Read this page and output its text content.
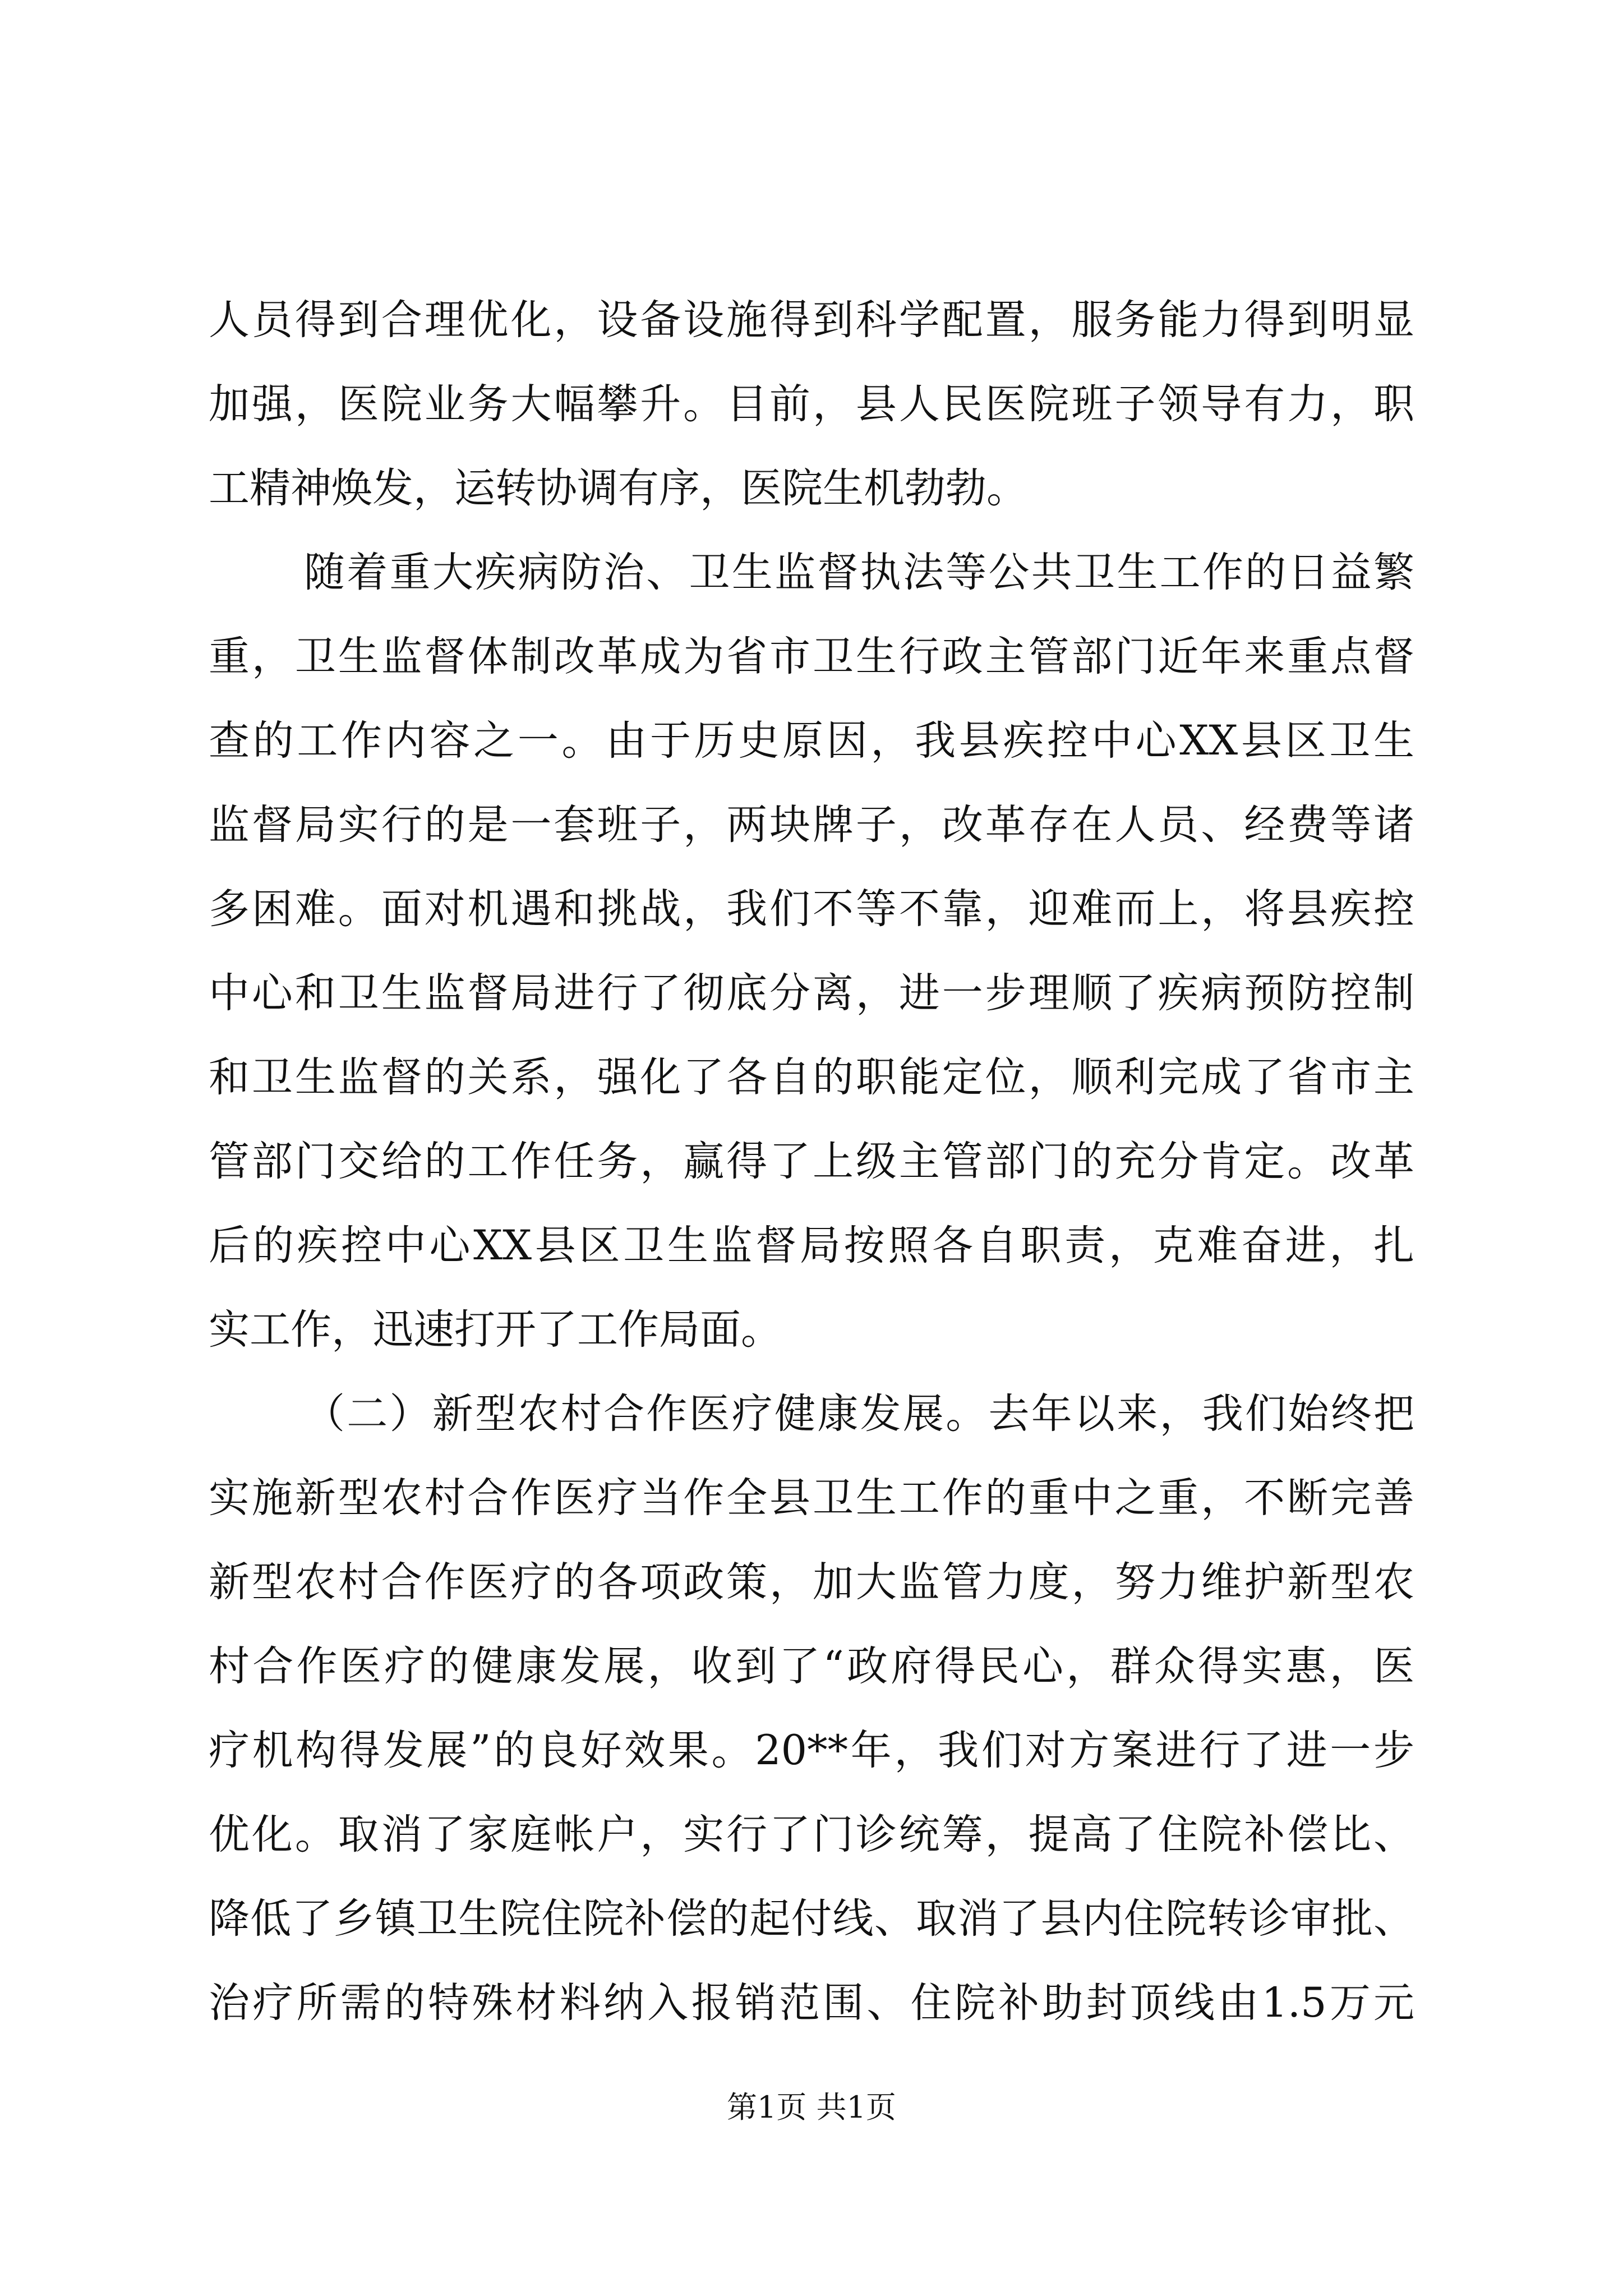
人员得到合理优化，设备设施得到科学配置，服务能力得到明显
加强，医院业务大幅攀升。目前，县人民医院班子领导有力，职
工精神焕发，运转协调有序，医院生机勃勃。
随着重大疾病防治、卫生监督执法等公共卫生工作的日益繁
重，卫生监督体制改革成为省市卫生行政主管部门近年来重点督
查的工作内容之一。由于历史原因，我县疾控中心XX县区卫生
监督局实行的是一套班子，两块牌子，改革存在人员、经费等诸
多困难。面对机遇和挑战，我们不等不靠，迎难而上，将县疾控
中心和卫生监督局进行了彻底分离，进一步理顺了疾病预防控制
和卫生监督的关系，强化了各自的职能定位，顺利完成了省市主
管部门交给的工作任务，赢得了上级主管部门的充分肯定。改革
后的疾控中心XX县区卫生监督局按照各自职责，克难奋进，扎
实工作，迅速打开了工作局面。
（二）新型农村合作医疗健康发展。去年以来，我们始终把
实施新型农村合作医疗当作全县卫生工作的重中之重，不断完善
新型农村合作医疗的各项政策，加大监管力度，努力维护新型农
村合作医疗的健康发展，收到了“政府得民心，群众得实惠，医
疗机构得发展”的良好效果。20**年，我们对方案进行了进一步
优化。取消了家庭帐户，实行了门诊统筹，提高了住院补偿比、
降低了乡镇卫生院住院补偿的起付线、取消了县内住院转诊审批、
治疗所需的特殊材料纳入报销范围、住院补助封顶线由1.5万元
第1页 共1页
